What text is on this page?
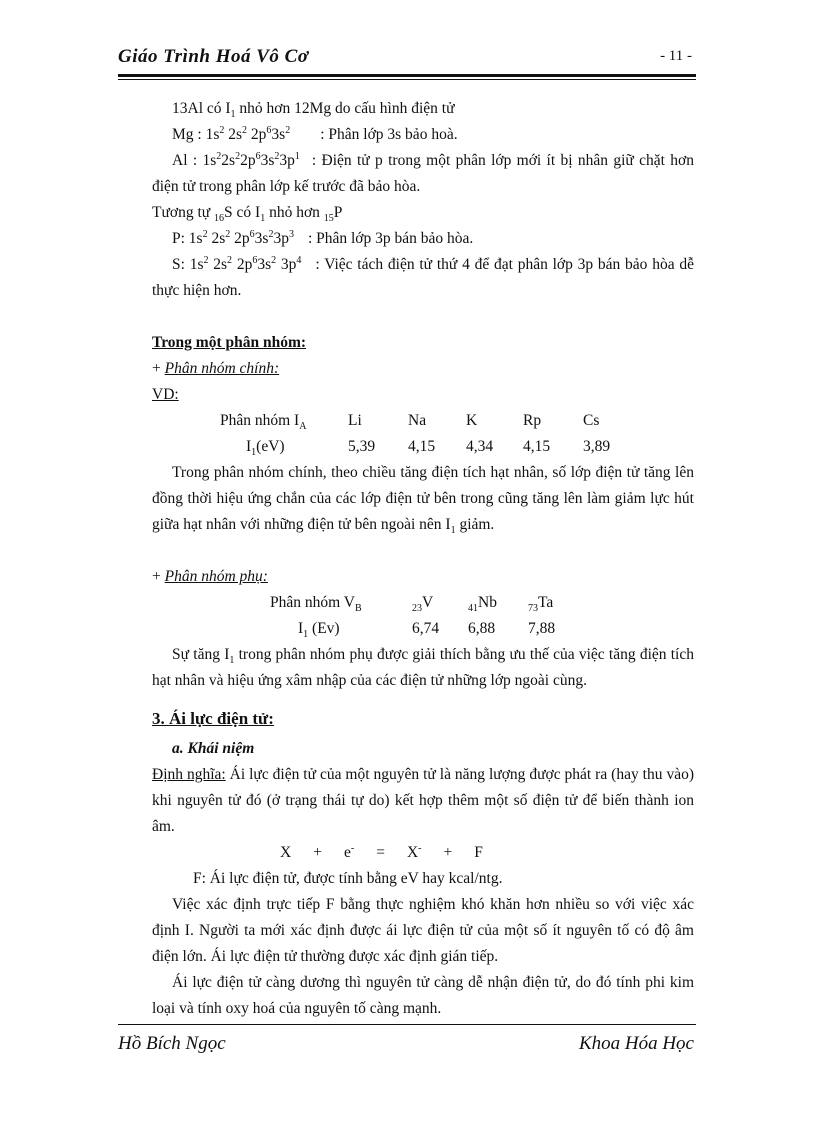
Giáo Trình Hoá Vô Cơ	- 11 -
13Al có $I_1$ nhỏ hơn 12Mg do cấu hình điện tử
Mg : $1s^2$ $2s^2$ $2p^63s^2$ : Phân lớp 3s bảo hoà.
Al : $1s^22s^22p^63s^23p^1$ : Điện tử p trong một phân lớp mới ít bị nhân giữ chặt hơn điện tử trong phân lớp kế trước đã bảo hòa.
Tương tự $_{16}$S có $I_1$ nhỏ hơn $_{15}$P
P: $1s^2$ $2s^2$ $2p^63s^23p^3$ : Phân lớp 3p bán bảo hòa.
S: $1s^2$ $2s^2$ $2p^63s^2$ $3p^4$ : Việc tách điện tử thứ 4 để đạt phân lớp 3p bán bảo hòa dễ thực hiện hơn.
Trong một phân nhóm:
+ Phân nhóm chính:
VD:
Phân nhóm $I_A$	Li	Na	K	Rp	Cs
$I_1(eV)$	5,39	4,15	4,34	4,15	3,89
Trong phân nhóm chính, theo chiều tăng điện tích hạt nhân, số lớp điện tử tăng lên đồng thời hiệu ứng chắn của các lớp điện tử bên trong cũng tăng lên làm giảm lực hút giữa hạt nhân với những điện tử bên ngoài nên $I_1$ giảm.
+ Phân nhóm phụ:
Phân nhóm $V_B$	$_{23}$V	$_{41}$Nb	$_{73}$Ta
$I_1$ (Ev)	6,74	6,88	7,88
Sự tăng $I_1$ trong phân nhóm phụ được giải thích bằng ưu thế của việc tăng điện tích hạt nhân và hiệu ứng xâm nhập của các điện tử những lớp ngoài cùng.
3. Ái lực điện tử:
a. Khái niệm
Định nghĩa: Ái lực điện tử của một nguyên tử là năng lượng được phát ra (hay thu vào) khi nguyên tử đó (ở trạng thái tự do) kết hợp thêm một số điện tử để biến thành ion âm.
X + e- = X- + F
F: Ái lực điện tử, được tính bằng eV hay kcal/ntg.
Việc xác định trực tiếp F bằng thực nghiệm khó khăn hơn nhiều so với việc xác định I. Người ta mới xác định được ái lực điện tử của một số ít nguyên tố có độ âm điện lớn. Ái lực điện tử thường được xác định gián tiếp.
Ái lực điện tử càng dương thì nguyên tử càng dễ nhận điện tử, do đó tính phi kim loại và tính oxy hoá của nguyên tố càng mạnh.
Hồ Bích Ngọc	Khoa Hóa Học
